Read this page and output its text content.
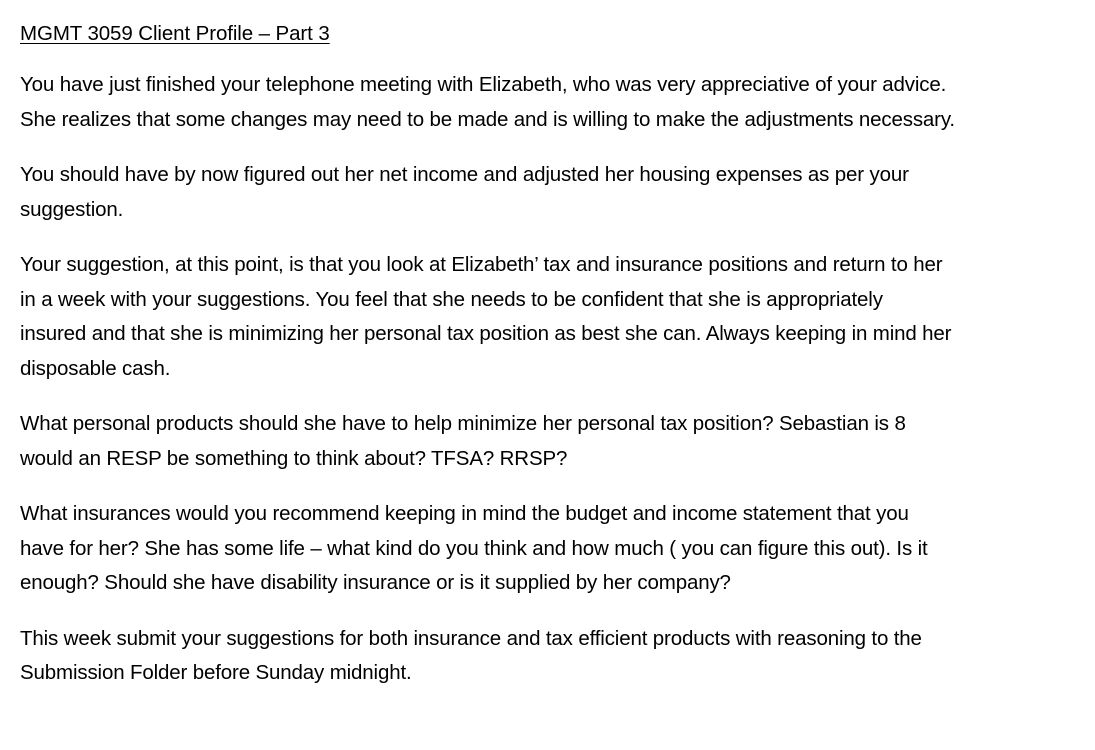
MGMT 3059 Client Profile – Part 3

You have just finished your telephone meeting with Elizabeth, who was very appreciative of your advice.
She realizes that some changes may need to be made and is willing to make the adjustments necessary.

You should have by now figured out her net income and adjusted her housing expenses as per your
suggestion.

Your suggestion, at this point, is that you look at Elizabeth’ tax and insurance positions and return to her
in a week with your suggestions. You feel that she needs to be confident that she is appropriately
insured and that she is minimizing her personal tax position as best she can. Always keeping in mind her
disposable cash.

What personal products should she have to help minimize her personal tax position? Sebastian is 8
would an RESP be something to think about? TFSA? RRSP?

What insurances would you recommend keeping in mind the budget and income statement that you
have for her? She has some life – what kind do you think and how much ( you can figure this out). Is it
enough? Should she have disability insurance or is it supplied by her company?

This week submit your suggestions for both insurance and tax efficient products with reasoning to the
Submission Folder before Sunday midnight.
